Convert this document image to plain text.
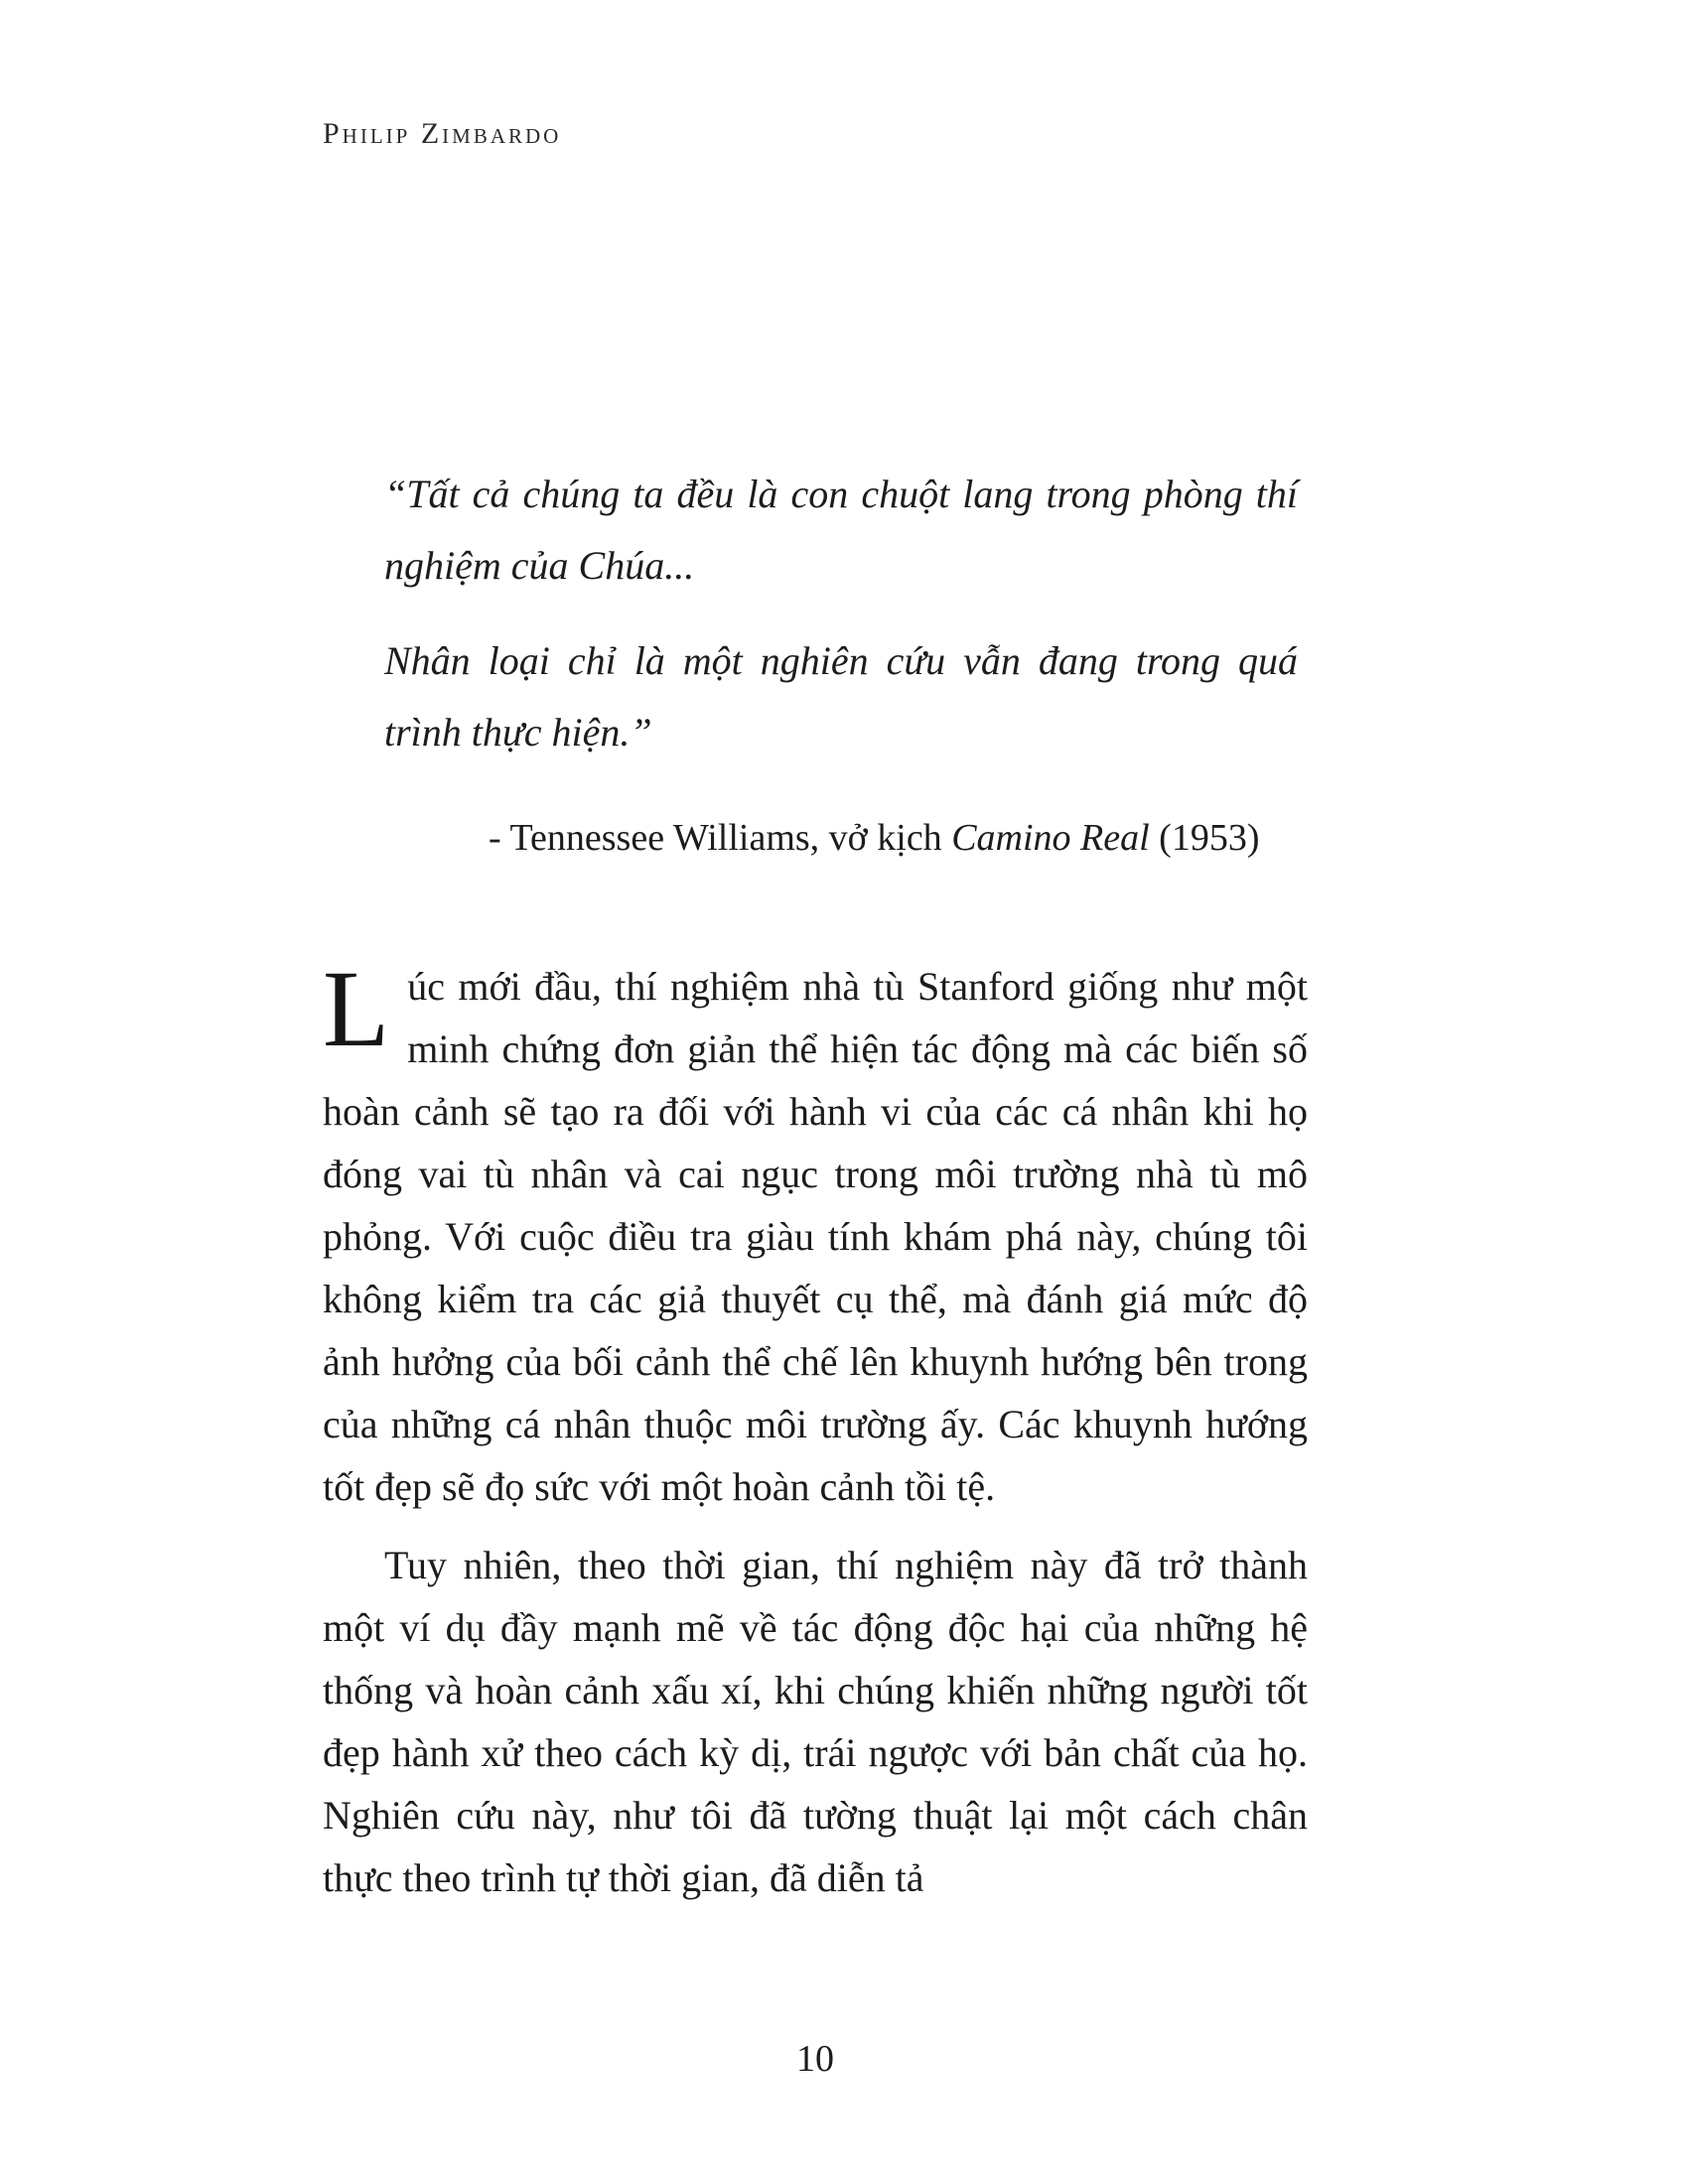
Philip Zimbardo

“Tất cả chúng ta đều là con chuột lang trong phòng thí nghiệm của Chúa...

Nhân loại chỉ là một nghiên cứu vẫn đang trong quá trình thực hiện.”

- Tennessee Williams, vở kịch Camino Real (1953)

Lúc mới đầu, thí nghiệm nhà tù Stanford giống như một minh chứng đơn giản thể hiện tác động mà các biến số hoàn cảnh sẽ tạo ra đối với hành vi của các cá nhân khi họ đóng vai tù nhân và cai ngục trong môi trường nhà tù mô phỏng. Với cuộc điều tra giàu tính khám phá này, chúng tôi không kiểm tra các giả thuyết cụ thể, mà đánh giá mức độ ảnh hưởng của bối cảnh thể chế lên khuynh hướng bên trong của những cá nhân thuộc môi trường ấy. Các khuynh hướng tốt đẹp sẽ đọ sức với một hoàn cảnh tồi tệ.

Tuy nhiên, theo thời gian, thí nghiệm này đã trở thành một ví dụ đầy mạnh mẽ về tác động độc hại của những hệ thống và hoàn cảnh xấu xí, khi chúng khiến những người tốt đẹp hành xử theo cách kỳ dị, trái ngược với bản chất của họ. Nghiên cứu này, như tôi đã tường thuật lại một cách chân thực theo trình tự thời gian, đã diễn tả

10
